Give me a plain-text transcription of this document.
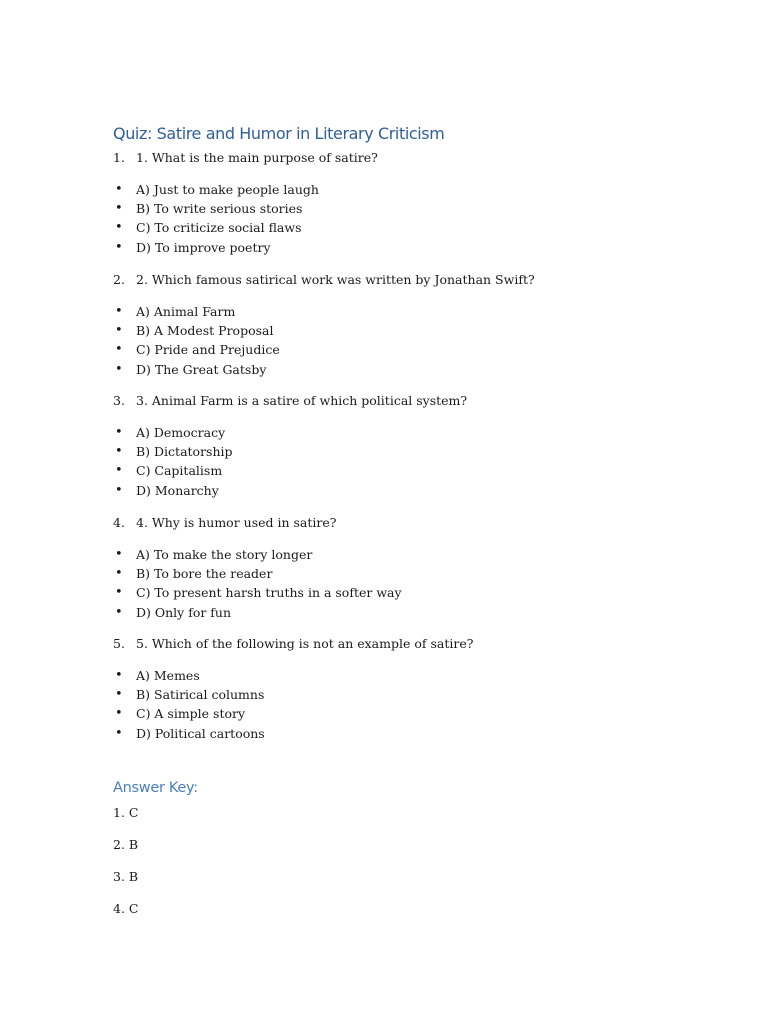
Quiz: Satire and Humor in Literary Criticism
1. 1. What is the main purpose of satire?
• A) Just to make people laugh
• B) To write serious stories
• C) To criticize social flaws
• D) To improve poetry
2. 2. Which famous satirical work was written by Jonathan Swift?
• A) Animal Farm
• B) A Modest Proposal
• C) Pride and Prejudice
• D) The Great Gatsby
3. 3. Animal Farm is a satire of which political system?
• A) Democracy
• B) Dictatorship
• C) Capitalism
• D) Monarchy
4. 4. Why is humor used in satire?
• A) To make the story longer
• B) To bore the reader
• C) To present harsh truths in a softer way
• D) Only for fun
5. 5. Which of the following is not an example of satire?
• A) Memes
• B) Satirical columns
• C) A simple story
• D) Political cartoons
Answer Key:
1. C
2. B
3. B
4. C
